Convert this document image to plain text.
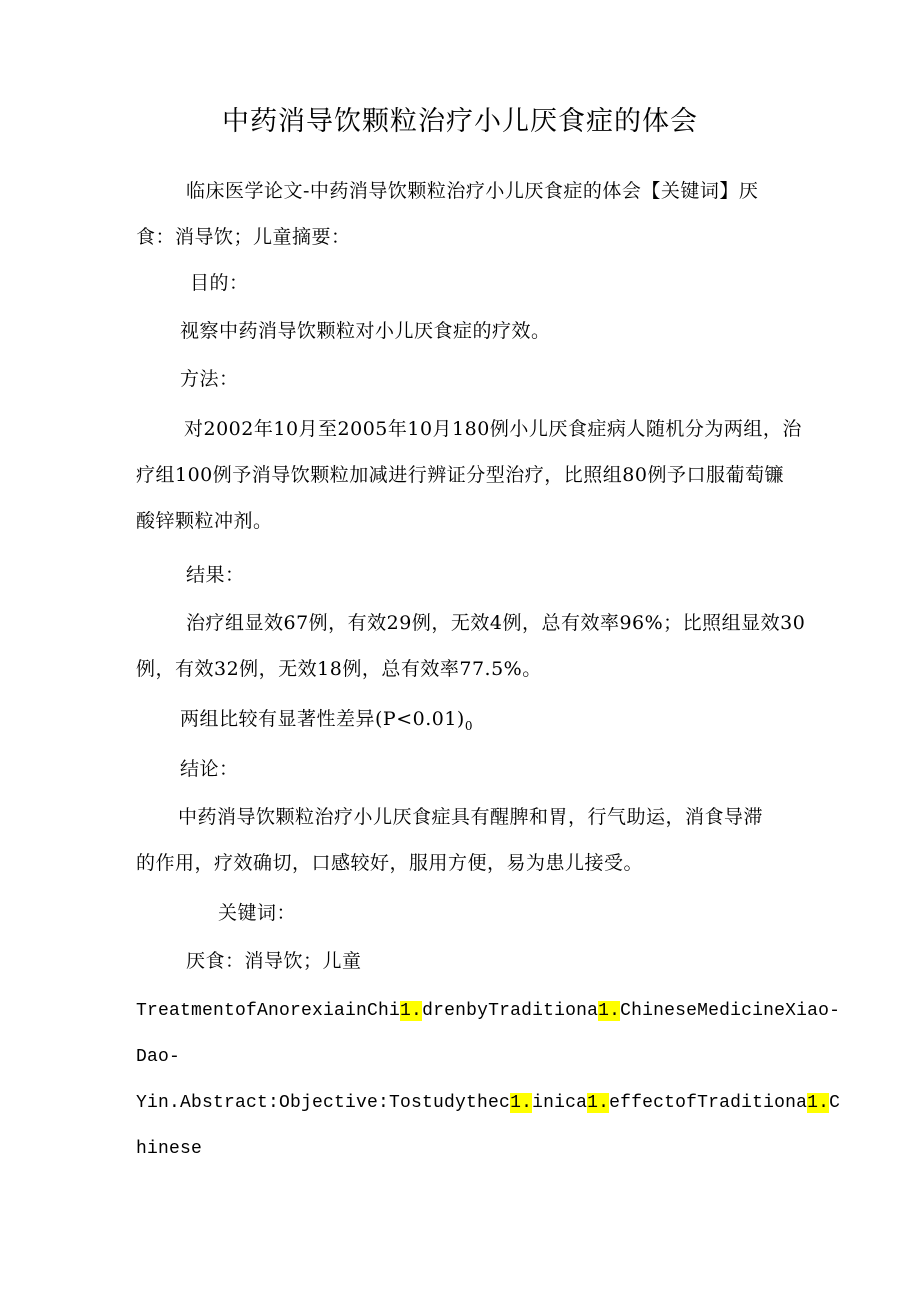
中药消导饮颗粒治疗小儿厌食症的体会
临床医学论文-中药消导饮颗粒治疗小儿厌食症的体会【关键词】厌
食：消导饮；儿童摘要：
目的：
视察中药消导饮颗粒对小儿厌食症的疗效。
方法：
对2002年10月至2005年10月180例小儿厌食症病人随机分为两组，治
疗组100例予消导饮颗粒加减进行辨证分型治疗，比照组80例予口服葡萄镰
酸锌颗粒冲剂。
结果：
治疗组显效67例，有效29例，无效4例，总有效率96%；比照组显效30
例，有效32例，无效18例，总有效率77.5%。
两组比较有显著性差异$(P<0.01)_0$
结论：
中药消导饮颗粒治疗小儿厌食症具有醒脾和胃，行气助运，消食导滞
的作用，疗效确切，口感较好，服用方便，易为患儿接受。
关键词：
厌食：消导饮；儿童
TreatmentofAnorexiainChi1.drenbyTraditiona1.ChineseMedicineXiao-
Dao-
Yin.Abstract:Objective:Tostudythec1.inica1.effectofTraditiona1.C
hinese
